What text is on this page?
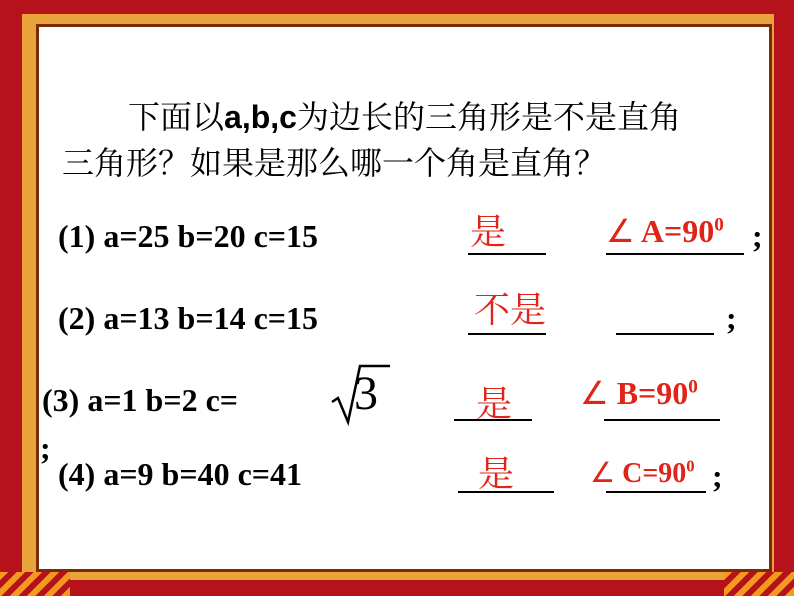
下面以a,b,c为边长的三角形是不是直角
三角形？如果是那么哪一个角是直角？
(1) a=25 b=20 c=15	是	∠ $A=90^0$ ;
(2) a=13 b=14 c=15	不是	;
(3) a=1 b=2 c= 3	是 ∠ $B=90^0$
;
(4) a=9 b=40 c=41	是	∠ $C=90^0$ ;
